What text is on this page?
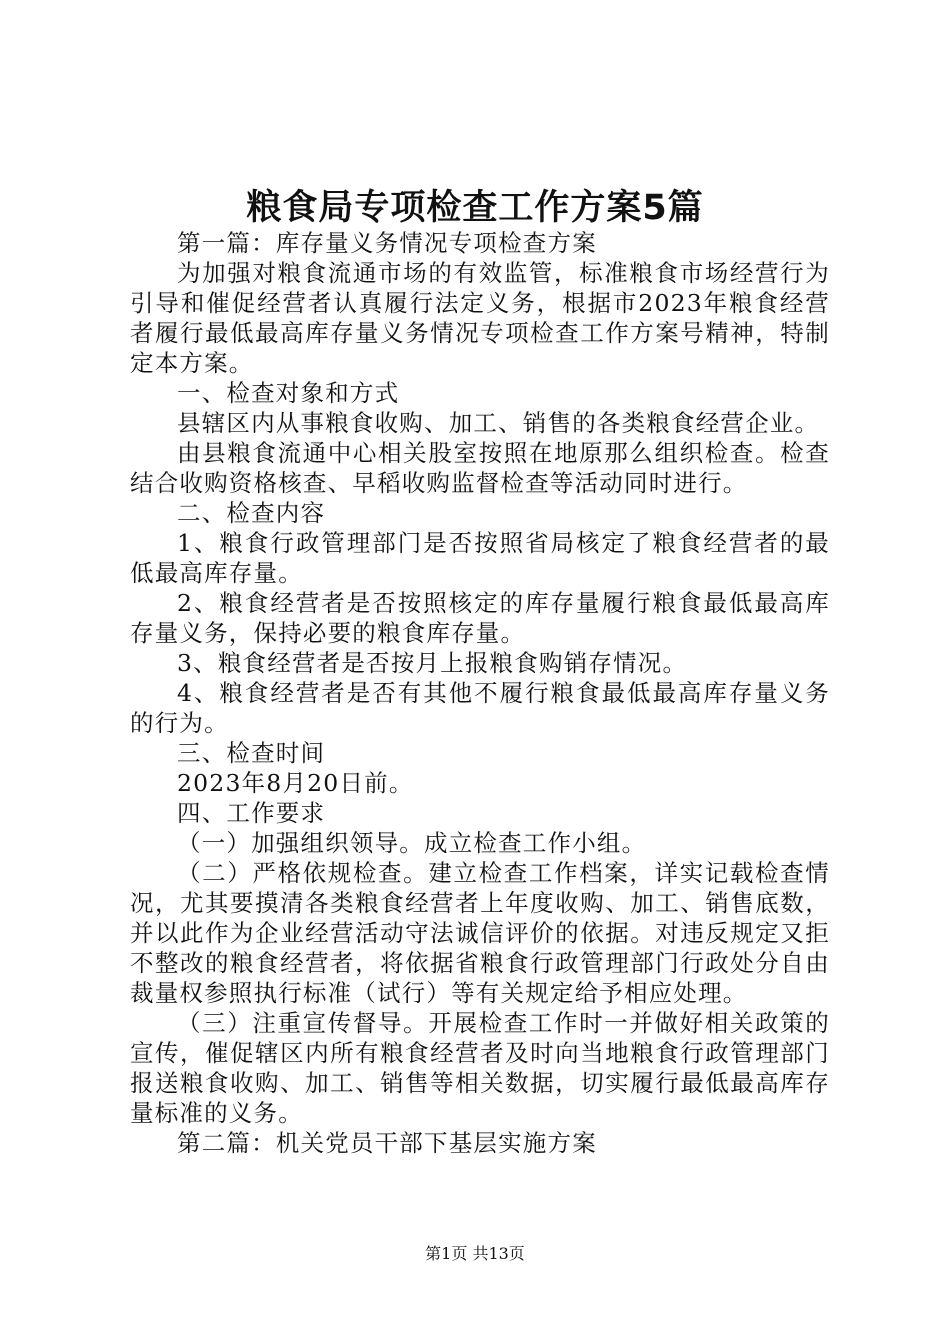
粮食局专项检查工作方案5篇

第一篇：库存量义务情况专项检查方案

为加强对粮食流通市场的有效监管，标准粮食市场经营行为引导和催促经营者认真履行法定义务，根据市2023年粮食经营者履行最低最高库存量义务情况专项检查工作方案号精神，特制定本方案。

一、检查对象和方式

县辖区内从事粮食收购、加工、销售的各类粮食经营企业。

由县粮食流通中心相关股室按照在地原那么组织检查。检查结合收购资格核查、早稻收购监督检查等活动同时进行。

二、检查内容

1、粮食行政管理部门是否按照省局核定了粮食经营者的最低最高库存量。

2、粮食经营者是否按照核定的库存量履行粮食最低最高库存量义务，保持必要的粮食库存量。

3、粮食经营者是否按月上报粮食购销存情况。

4、粮食经营者是否有其他不履行粮食最低最高库存量义务的行为。

三、检查时间

2023年8月20日前。

四、工作要求

（一）加强组织领导。成立检查工作小组。

（二）严格依规检查。建立检查工作档案，详实记载检查情况，尤其要摸清各类粮食经营者上年度收购、加工、销售底数，并以此作为企业经营活动守法诚信评价的依据。对违反规定又拒不整改的粮食经营者，将依据省粮食行政管理部门行政处分自由裁量权参照执行标准（试行）等有关规定给予相应处理。

（三）注重宣传督导。开展检查工作时一并做好相关政策的宣传，催促辖区内所有粮食经营者及时向当地粮食行政管理部门报送粮食收购、加工、销售等相关数据，切实履行最低最高库存量标准的义务。

第二篇：机关党员干部下基层实施方案

第1页 共13页
